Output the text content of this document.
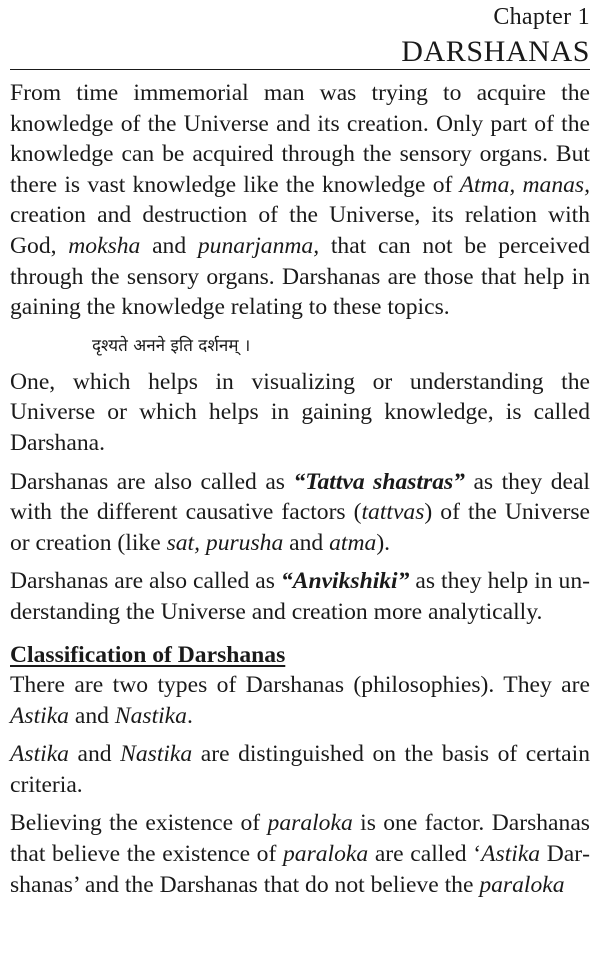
Chapter 1
DARSHANAS

From time immemorial man was trying to acquire the knowledge of the Universe and its creation. Only part of the knowledge can be acquired through the sensory organs. But there is vast knowledge like the knowledge of Atma, manas, creation and destruction of the Universe, its relation with God, moksha and punarjanma, that can not be perceived through the sensory organs. Darshanas are those that help in gaining the knowledge relating to these topics.

दृश्यते अनने इति दर्शनम् ।

One, which helps in visualizing or understanding the Universe or which helps in gaining knowledge, is called Darshana.

Darshanas are also called as “Tattva shastras” as they deal with the different causative factors (tattvas) of the Universe or creation (like sat, purusha and atma).

Darshanas are also called as “Anvikshiki” as they help in understanding the Universe and creation more analytically.

Classification of Darshanas

There are two types of Darshanas (philosophies). They are Astika and Nastika.

Astika and Nastika are distinguished on the basis of certain criteria.

Believing the existence of paraloka is one factor. Darshanas that believe the existence of paraloka are called ‘Astika Darshanas’ and the Darshanas that do not believe the paraloka
